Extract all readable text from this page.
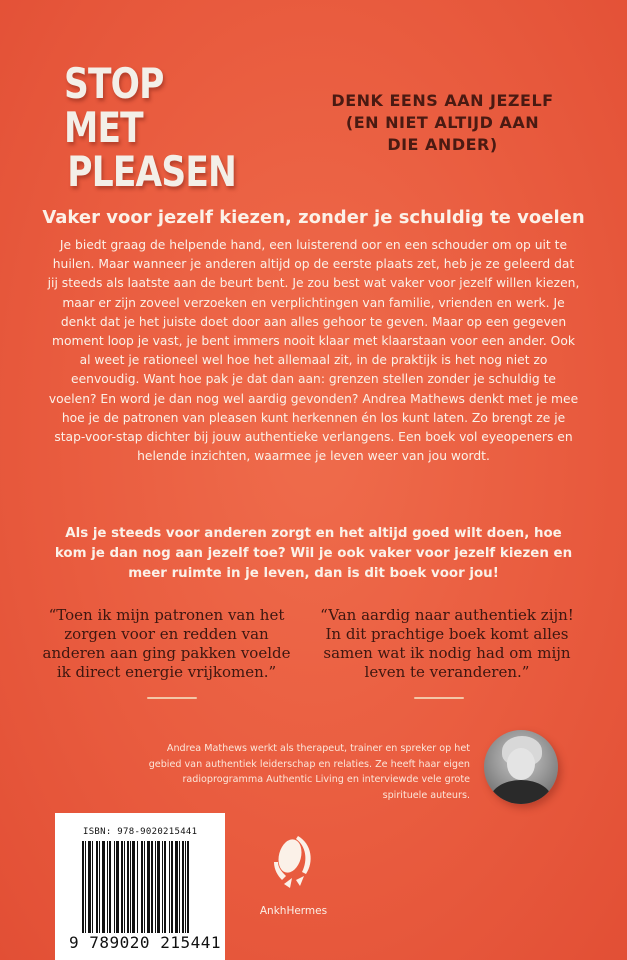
STOP MET
PLEASEN
DENK EENS AAN JEZELF
(EN NIET ALTIJD AAN
DIE ANDER)
Vaker voor jezelf kiezen, zonder je schuldig te voelen
Je biedt graag de helpende hand, een luisterend oor en een schouder om op uit te huilen. Maar wanneer je anderen altijd op de eerste plaats zet, heb je ze geleerd dat jij steeds als laatste aan de beurt bent. Je zou best wat vaker voor jezelf willen kiezen, maar er zijn zoveel verzoeken en verplichtingen van familie, vrienden en werk. Je denkt dat je het juiste doet door aan alles gehoor te geven. Maar op een gegeven moment loop je vast, je bent immers nooit klaar met klaarstaan voor een ander. Ook al weet je rationeel wel hoe het allemaal zit, in de praktijk is het nog niet zo eenvoudig. Want hoe pak je dat dan aan: grenzen stellen zonder je schuldig te voelen? En word je dan nog wel aardig gevonden? Andrea Mathews denkt met je mee hoe je de patronen van pleasen kunt herkennen én los kunt laten. Zo brengt ze je stap-voor-stap dichter bij jouw authentieke verlangens. Een boek vol eyeopeners en helende inzichten, waarmee je leven weer van jou wordt.
Als je steeds voor anderen zorgt en het altijd goed wilt doen, hoe kom je dan nog aan jezelf toe? Wil je ook vaker voor jezelf kiezen en meer ruimte in je leven, dan is dit boek voor jou!
“Toen ik mijn patronen van het zorgen voor en redden van anderen aan ging pakken voelde ik direct energie vrijkomen.”
“Van aardig naar authentiek zijn! In dit prachtige boek komt alles samen wat ik nodig had om mijn leven te veranderen.”
Andrea Mathews werkt als therapeut, trainer en spreker op het gebied van authentiek leiderschap en relaties. Ze heeft haar eigen radioprogramma Authentic Living en interviewde vele grote spirituele auteurs.
ISBN: 978-9020215441
9 789020 215441
AnkhHermes
